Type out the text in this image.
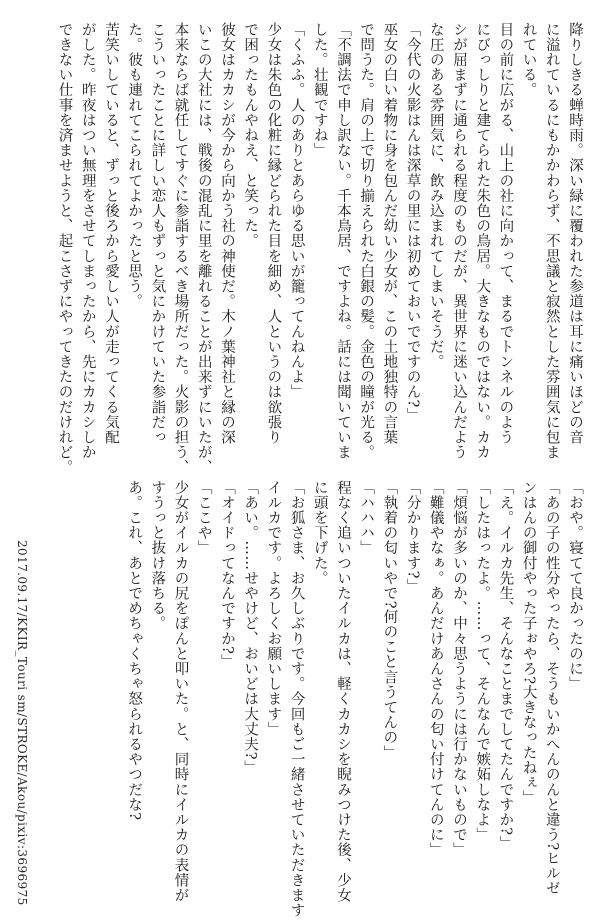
降りしきる蝉時雨。深い緑に覆われた参道は耳に痛いほどの音
に溢れているにもかかわらず、不思議と寂然とした雰囲気に包ま
れている。
目の前に広がる、山上の社に向かって、まるでトンネルのよう
にびっしりと建てられた朱色の鳥居。大きなものではない。カカ
シが屈まずに通られる程度のものだが、異世界に迷い込んだよう
な圧のある雰囲気に、飲み込まれてしまいそうだ。
「今代の火影はんは深草の里には初めておいでですのん?」
巫女の白い着物に身を包んだ幼い少女が、この土地独特の言葉
で問うた。肩の上で切り揃えられた白銀の髪。金色の瞳が光る。
「不調法で申し訳ない。千本鳥居、ですよね。話には聞いていま
した。壮観ですね」
「くふふ。人のありとあらゆる思いが籠ってんねんよ」
少女は朱色の化粧に縁どられた目を細め、人というのは欲張り
で困ったもんやねえ、と笑った。
彼女はカカシが今から向かう社の神使だ。木ノ葉神社と縁の深
いこの大社には、戦後の混乱に里を離れることが出来ずにいたが、
本来ならば就任してすぐに参詣するべき場所だった。火影の担う、
こういったことに詳しい恋人もずっと気にかけていた参詣だっ
た。彼も連れてこられてよかったと思う。
苦笑いしていると、ずっと後ろから愛しい人が走ってくる気配
がした。昨夜はつい無理をさせてしまったから、先にカカシしか
できない仕事を済ませようと、起こさずにやってきたのだけれど。
「おや。寝てて良かったのに」
「あの子の性分やったら、そうもいかへんのんと違う?ヒルゼ
ンはんの御付やった子ぉやろ?大きなったねぇ」
「え。イルカ先生、そんなことまでしてたんですか?」
「したはったよ。……って、そんなんで嫉妬しなよ」
「煩悩が多いのか、中々思うようには行かないもので」
「難儀やなぁ。あんだけあんさんの匂い付けてんのに」
「分かります?」
「執着の匂いやで?何のこと言うてんの」
「ハハハ」
程なく追いついたイルカは、軽くカカシを睨みつけた後、少女
に頭を下げた。
「お狐さま、お久しぶりです。今回もご一緒させていただきます
イルカです。よろしくお願いします」
「あい。……せやけど、おいどは大丈夫?」
「オイドってなんですか?」
「ここや」
少女がイルカの尻をぽんと叩いた。と、同時にイルカの表情が
すうっと抜け落ちる。
あ。これ、あとでめちゃくちゃ怒られるやつだな?
2017.09.17/KKIR_Touri sm/STROKE/Akou/pixiv:3696975
